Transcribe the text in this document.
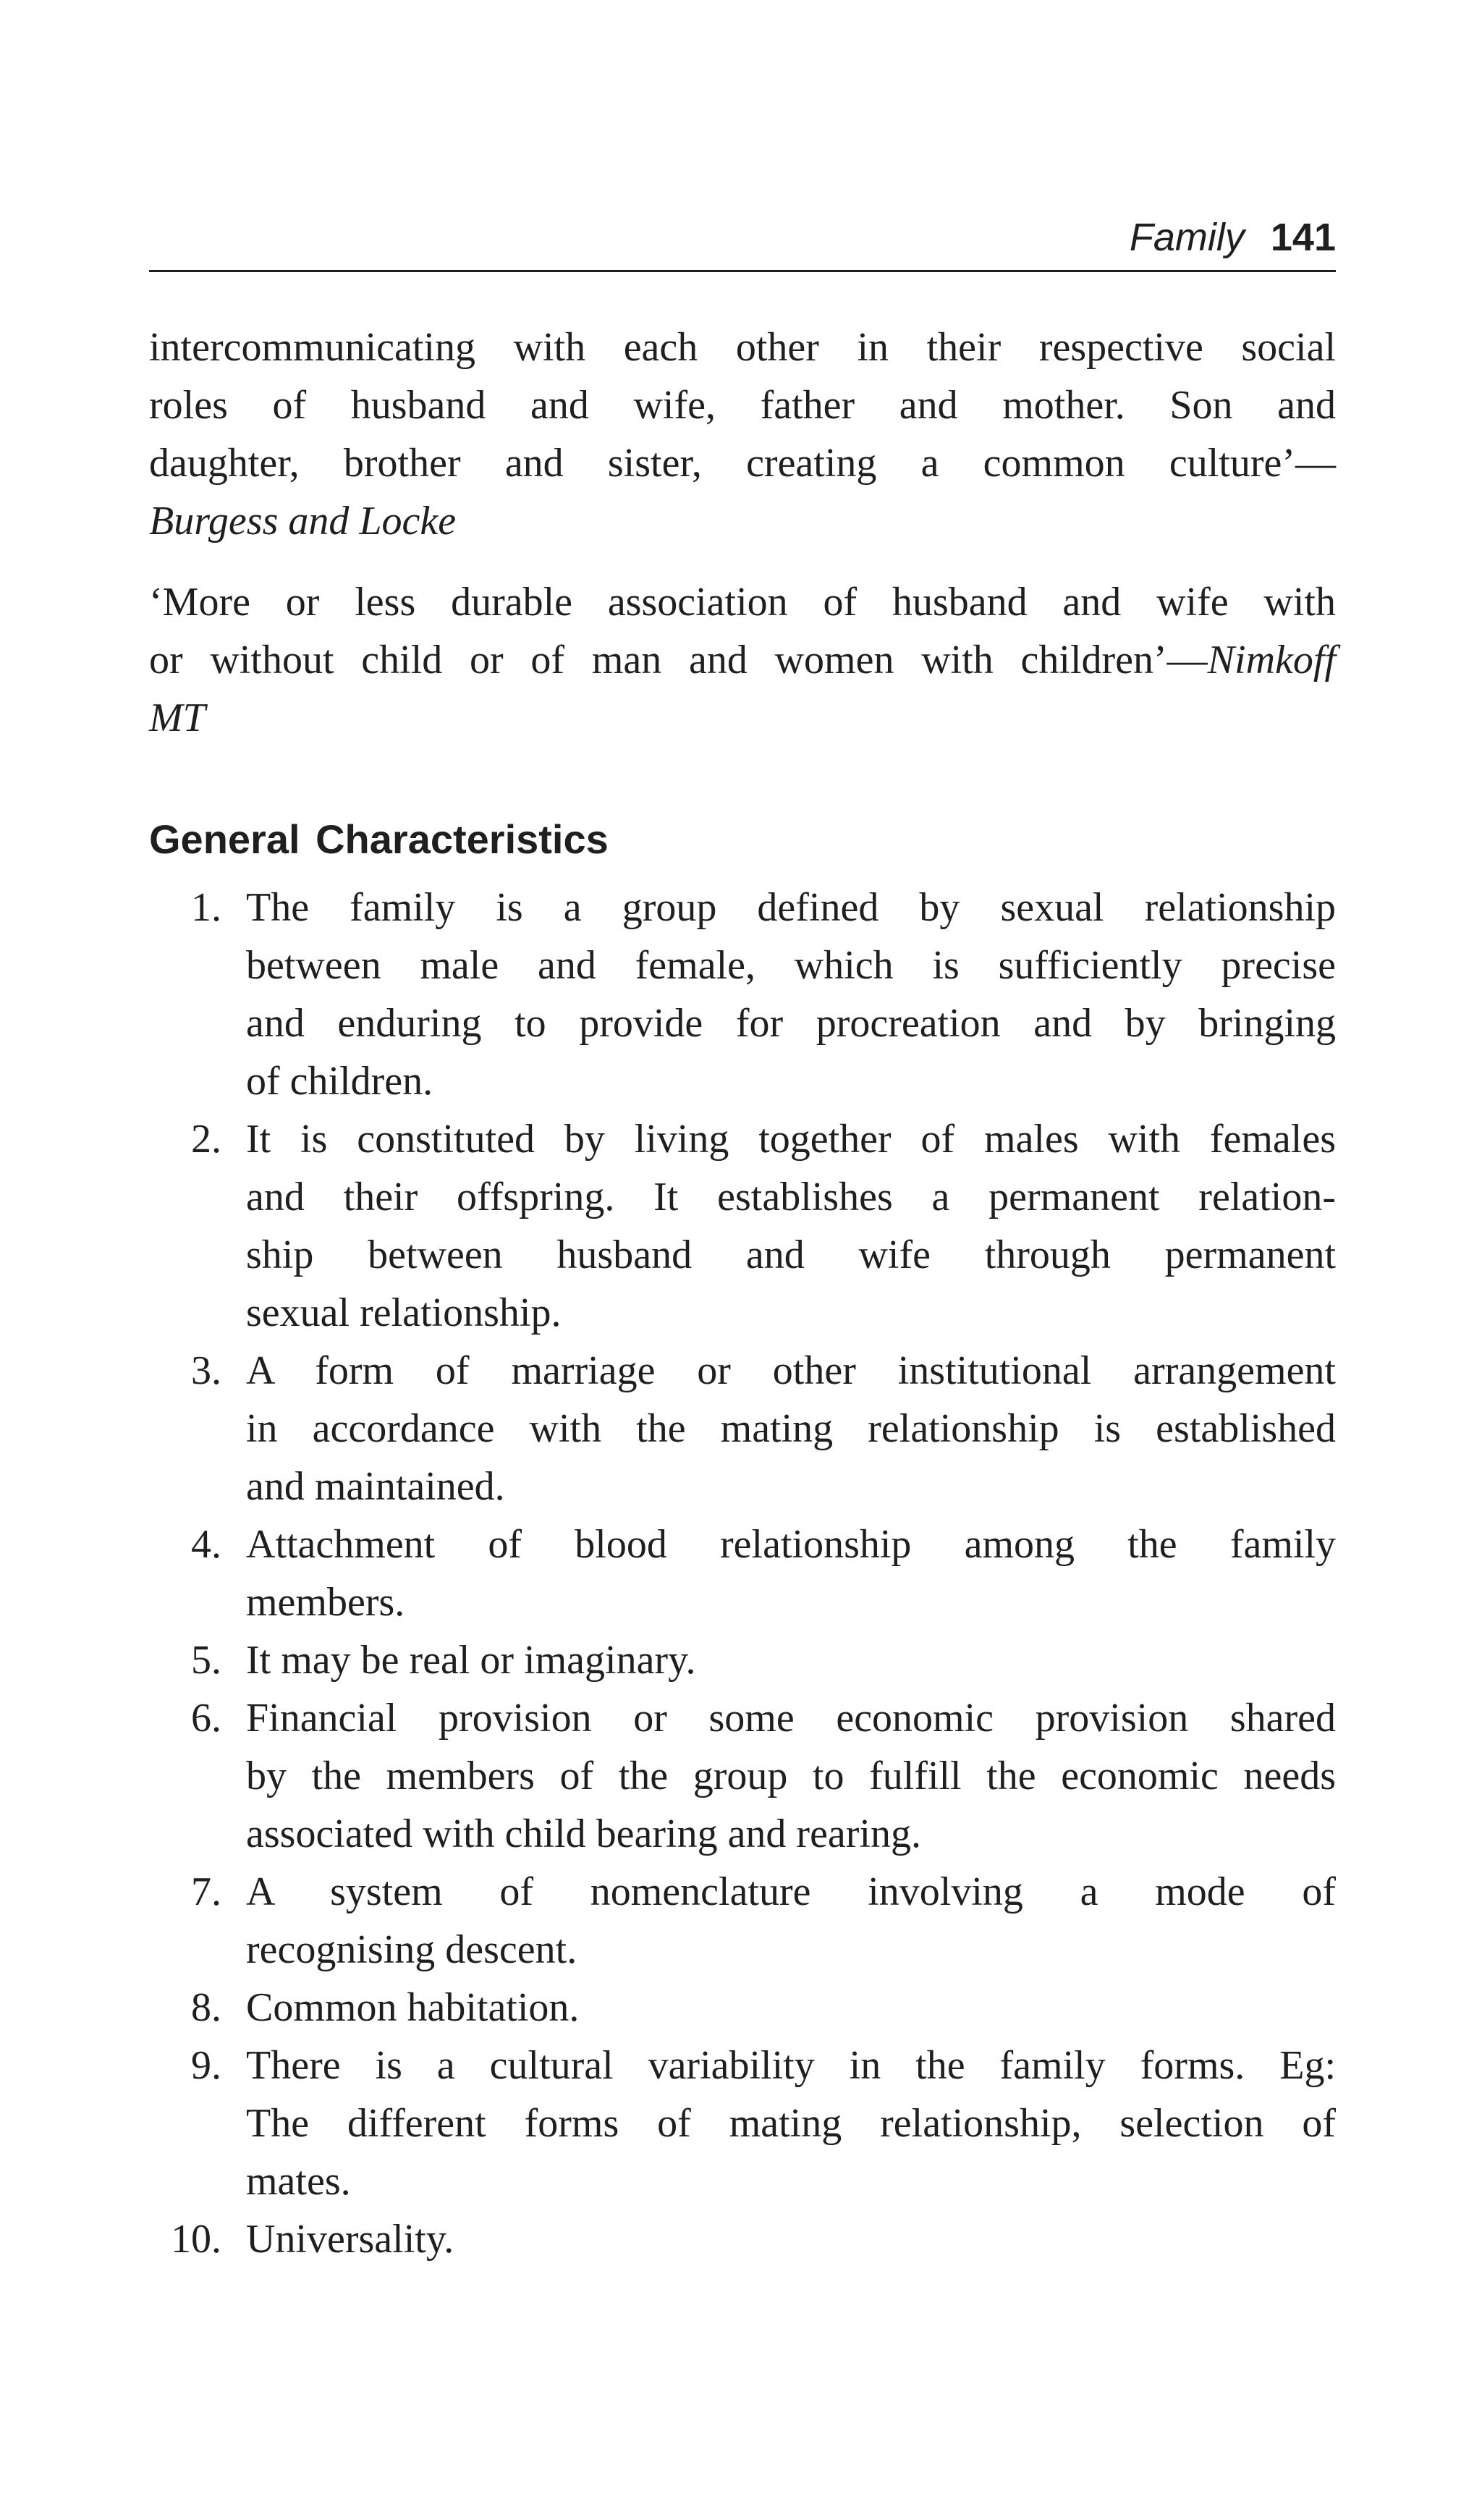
Family 141

intercommunicating with each other in their respective social
roles of husband and wife, father and mother. Son and
daughter, brother and sister, creating a common culture’—
Burgess and Locke

‘More or less durable association of husband and wife with
or without child or of man and women with children’—Nimkoff
MT

General Characteristics
1. The family is a group defined by sexual relationship
between male and female, which is sufficiently precise
and enduring to provide for procreation and by bringing
of children.
2. It is constituted by living together of males with females
and their offspring. It establishes a permanent relation-
ship between husband and wife through permanent
sexual relationship.
3. A form of marriage or other institutional arrangement
in accordance with the mating relationship is established
and maintained.
4. Attachment of blood relationship among the family
members.
5. It may be real or imaginary.
6. Financial provision or some economic provision shared
by the members of the group to fulfill the economic needs
associated with child bearing and rearing.
7. A system of nomenclature involving a mode of
recognising descent.
8. Common habitation.
9. There is a cultural variability in the family forms. Eg:
The different forms of mating relationship, selection of
mates.
10. Universality.
